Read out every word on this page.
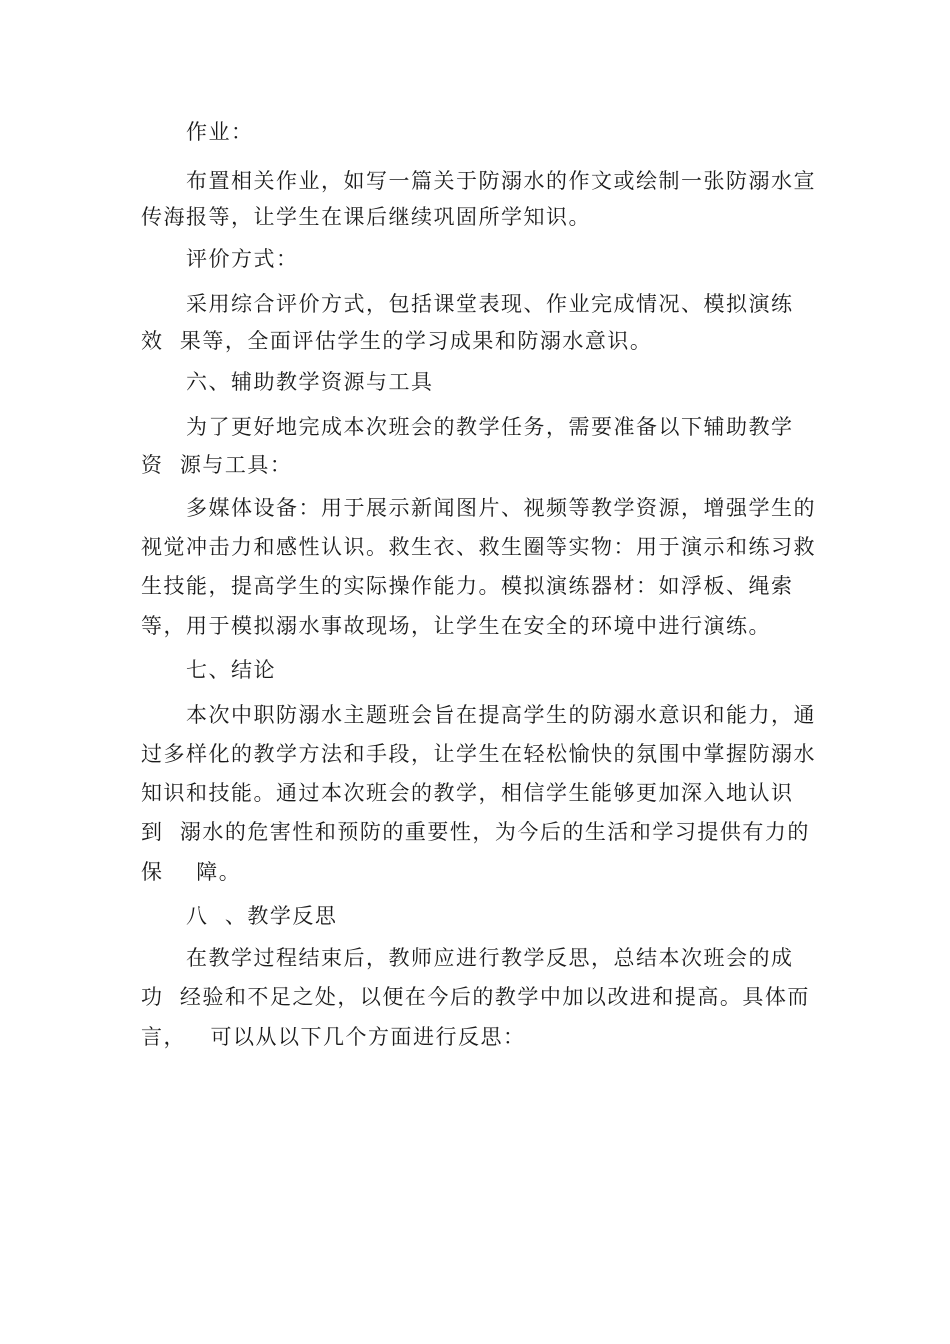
作业：
布置相关作业，如写一篇关于防溺水的作文或绘制一张防溺水宣
传海报等，让学生在课后继续巩固所学知识。
评价方式：
采用综合评价方式，包括课堂表现、作业完成情况、模拟演练
效  果等，全面评估学生的学习成果和防溺水意识。
六、辅助教学资源与工具
为了更好地完成本次班会的教学任务，需要准备以下辅助教学
资  源与工具：
多媒体设备：用于展示新闻图片、视频等教学资源，增强学生的
视觉冲击力和感性认识。救生衣、救生圈等实物：用于演示和练习救
生技能，提高学生的实际操作能力。模拟演练器材：如浮板、绳索
等，用于模拟溺水事故现场，让学生在安全的环境中进行演练。
七、结论
本次中职防溺水主题班会旨在提高学生的防溺水意识和能力，通
过多样化的教学方法和手段，让学生在轻松愉快的氛围中掌握防溺水
知识和技能。通过本次班会的教学，相信学生能够更加深入地认识
到  溺水的危害性和预防的重要性，为今后的生活和学习提供有力的
保    障。
八  、教学反思
在教学过程结束后，教师应进行教学反思，总结本次班会的成
功  经验和不足之处，以便在今后的教学中加以改进和提高。具体而
言，   可以从以下几个方面进行反思：
